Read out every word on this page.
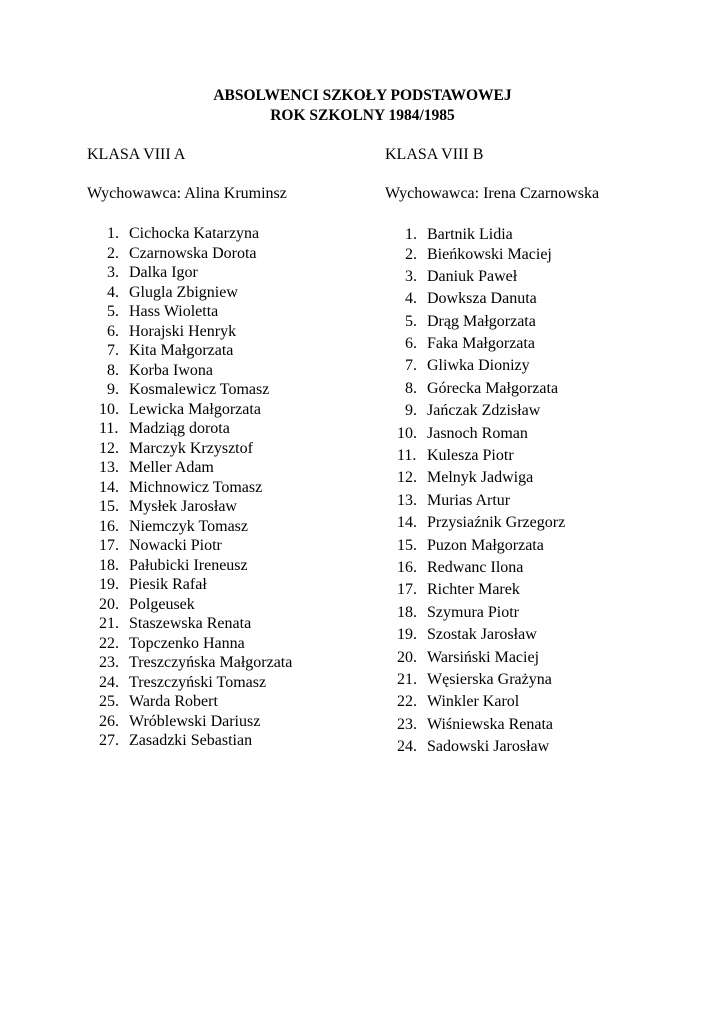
ABSOLWENCI SZKOŁY PODSTAWOWEJ
ROK SZKOLNY 1984/1985
KLASA VIII A
Wychowawca: Alina Kruminsz
1. Cichocka Katarzyna
2. Czarnowska Dorota
3. Dalka Igor
4. Glugla Zbigniew
5. Hass Wioletta
6. Horajski Henryk
7. Kita Małgorzata
8. Korba Iwona
9. Kosmalewicz Tomasz
10. Lewicka Małgorzata
11. Madziąg dorota
12. Marczyk Krzysztof
13. Meller Adam
14. Michnowicz Tomasz
15. Mysłek Jarosław
16. Niemczyk Tomasz
17. Nowacki Piotr
18. Pałubicki Ireneusz
19. Piesik Rafał
20. Polgeusek
21. Staszewska Renata
22. Topczenko Hanna
23. Treszczyńska Małgorzata
24. Treszczyński Tomasz
25. Warda Robert
26. Wróblewski Dariusz
27. Zasadzki Sebastian
KLASA VIII B
Wychowawca: Irena Czarnowska
1. Bartnik Lidia
2. Bieńkowski Maciej
3. Daniuk Paweł
4. Dowksza Danuta
5. Drąg Małgorzata
6. Faka Małgorzata
7. Gliwka Dionizy
8. Górecka Małgorzata
9. Jańczak Zdzisław
10. Jasnoch Roman
11. Kulesza Piotr
12. Melnyk Jadwiga
13. Murias Artur
14. Przysiaźnik Grzegorz
15. Puzon Małgorzata
16. Redwanc Ilona
17. Richter Marek
18. Szymura Piotr
19. Szostak Jarosław
20. Warsiński Maciej
21. Węsierska Grażyna
22. Winkler Karol
23. Wiśniewska Renata
24. Sadowski Jarosław
